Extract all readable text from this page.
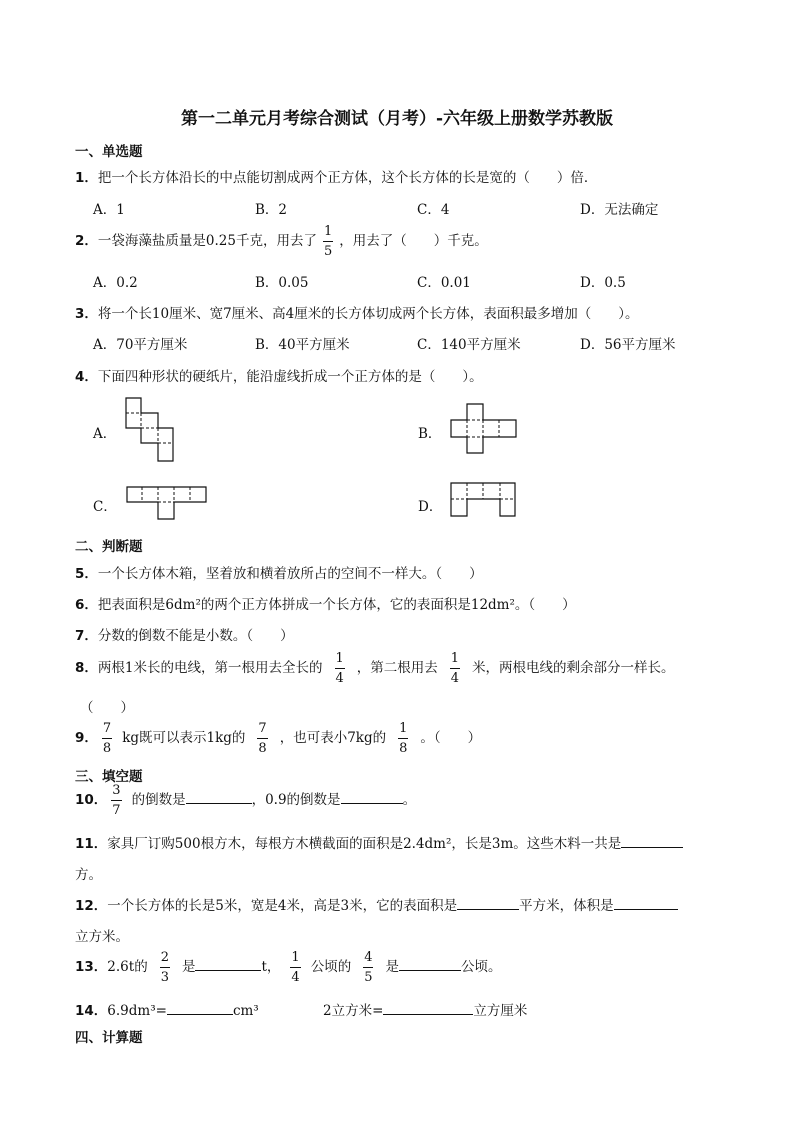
第一二单元月考综合测试（月考）-六年级上册数学苏教版
一、单选题
1．把一个长方体沿长的中点能切割成两个正方体，这个长方体的长是宽的（　　）倍．
A．1	B．2	C．4	D．无法确定
2．一袋海藻盐质量是0.25千克，用去了 $\frac{1}{5}$ ，用去了（　　）千克。
A．0.2	B．0.05	C．0.01	D．0.5
3．将一个长10厘米、宽7厘米、高4厘米的长方体切成两个长方体，表面积最多增加（　　）。
A．70平方厘米	B．40平方厘米	C．140平方厘米	D．56平方厘米
4．下面四种形状的硬纸片，能沿虚线折成一个正方体的是（　　）。
A．	B．
C．	D．
二、判断题
5．一个长方体木箱，坚着放和横着放所占的空间不一样大。（　　）
6．把表面积是6dm²的两个正方体拼成一个长方体，它的表面积是12dm²。（　　）
7．分数的倒数不能是小数。（　　）
8．两根1米长的电线，第一根用去全长的 $\frac{1}{4}$ ，第二根用去 $\frac{1}{4}$ 米，两根电线的剩余部分一样长。
（　　）
9． $\frac{7}{8}$ kg既可以表示1kg的 $\frac{7}{8}$ ，也可表小7kg的 $\frac{1}{8}$ 。（　　）
三、填空题
10． $\frac{3}{7}$ 的倒数是	，0.9的倒数是	。
11．家具厂订购500根方木，每根方木横截面的面积是2.4dm²，长是3m。这些木料一共是
方。
12．一个长方体的长是5米，宽是4米，高是3米，它的表面积是	平方米，体积是
立方米。
13．2.6t的 $\frac{2}{3}$ 是	t， $\frac{1}{4}$ 公顷的 $\frac{4}{5}$ 是	公顷。
14．6.9dm³=	cm³	2立方米=	立方厘米
四、计算题
